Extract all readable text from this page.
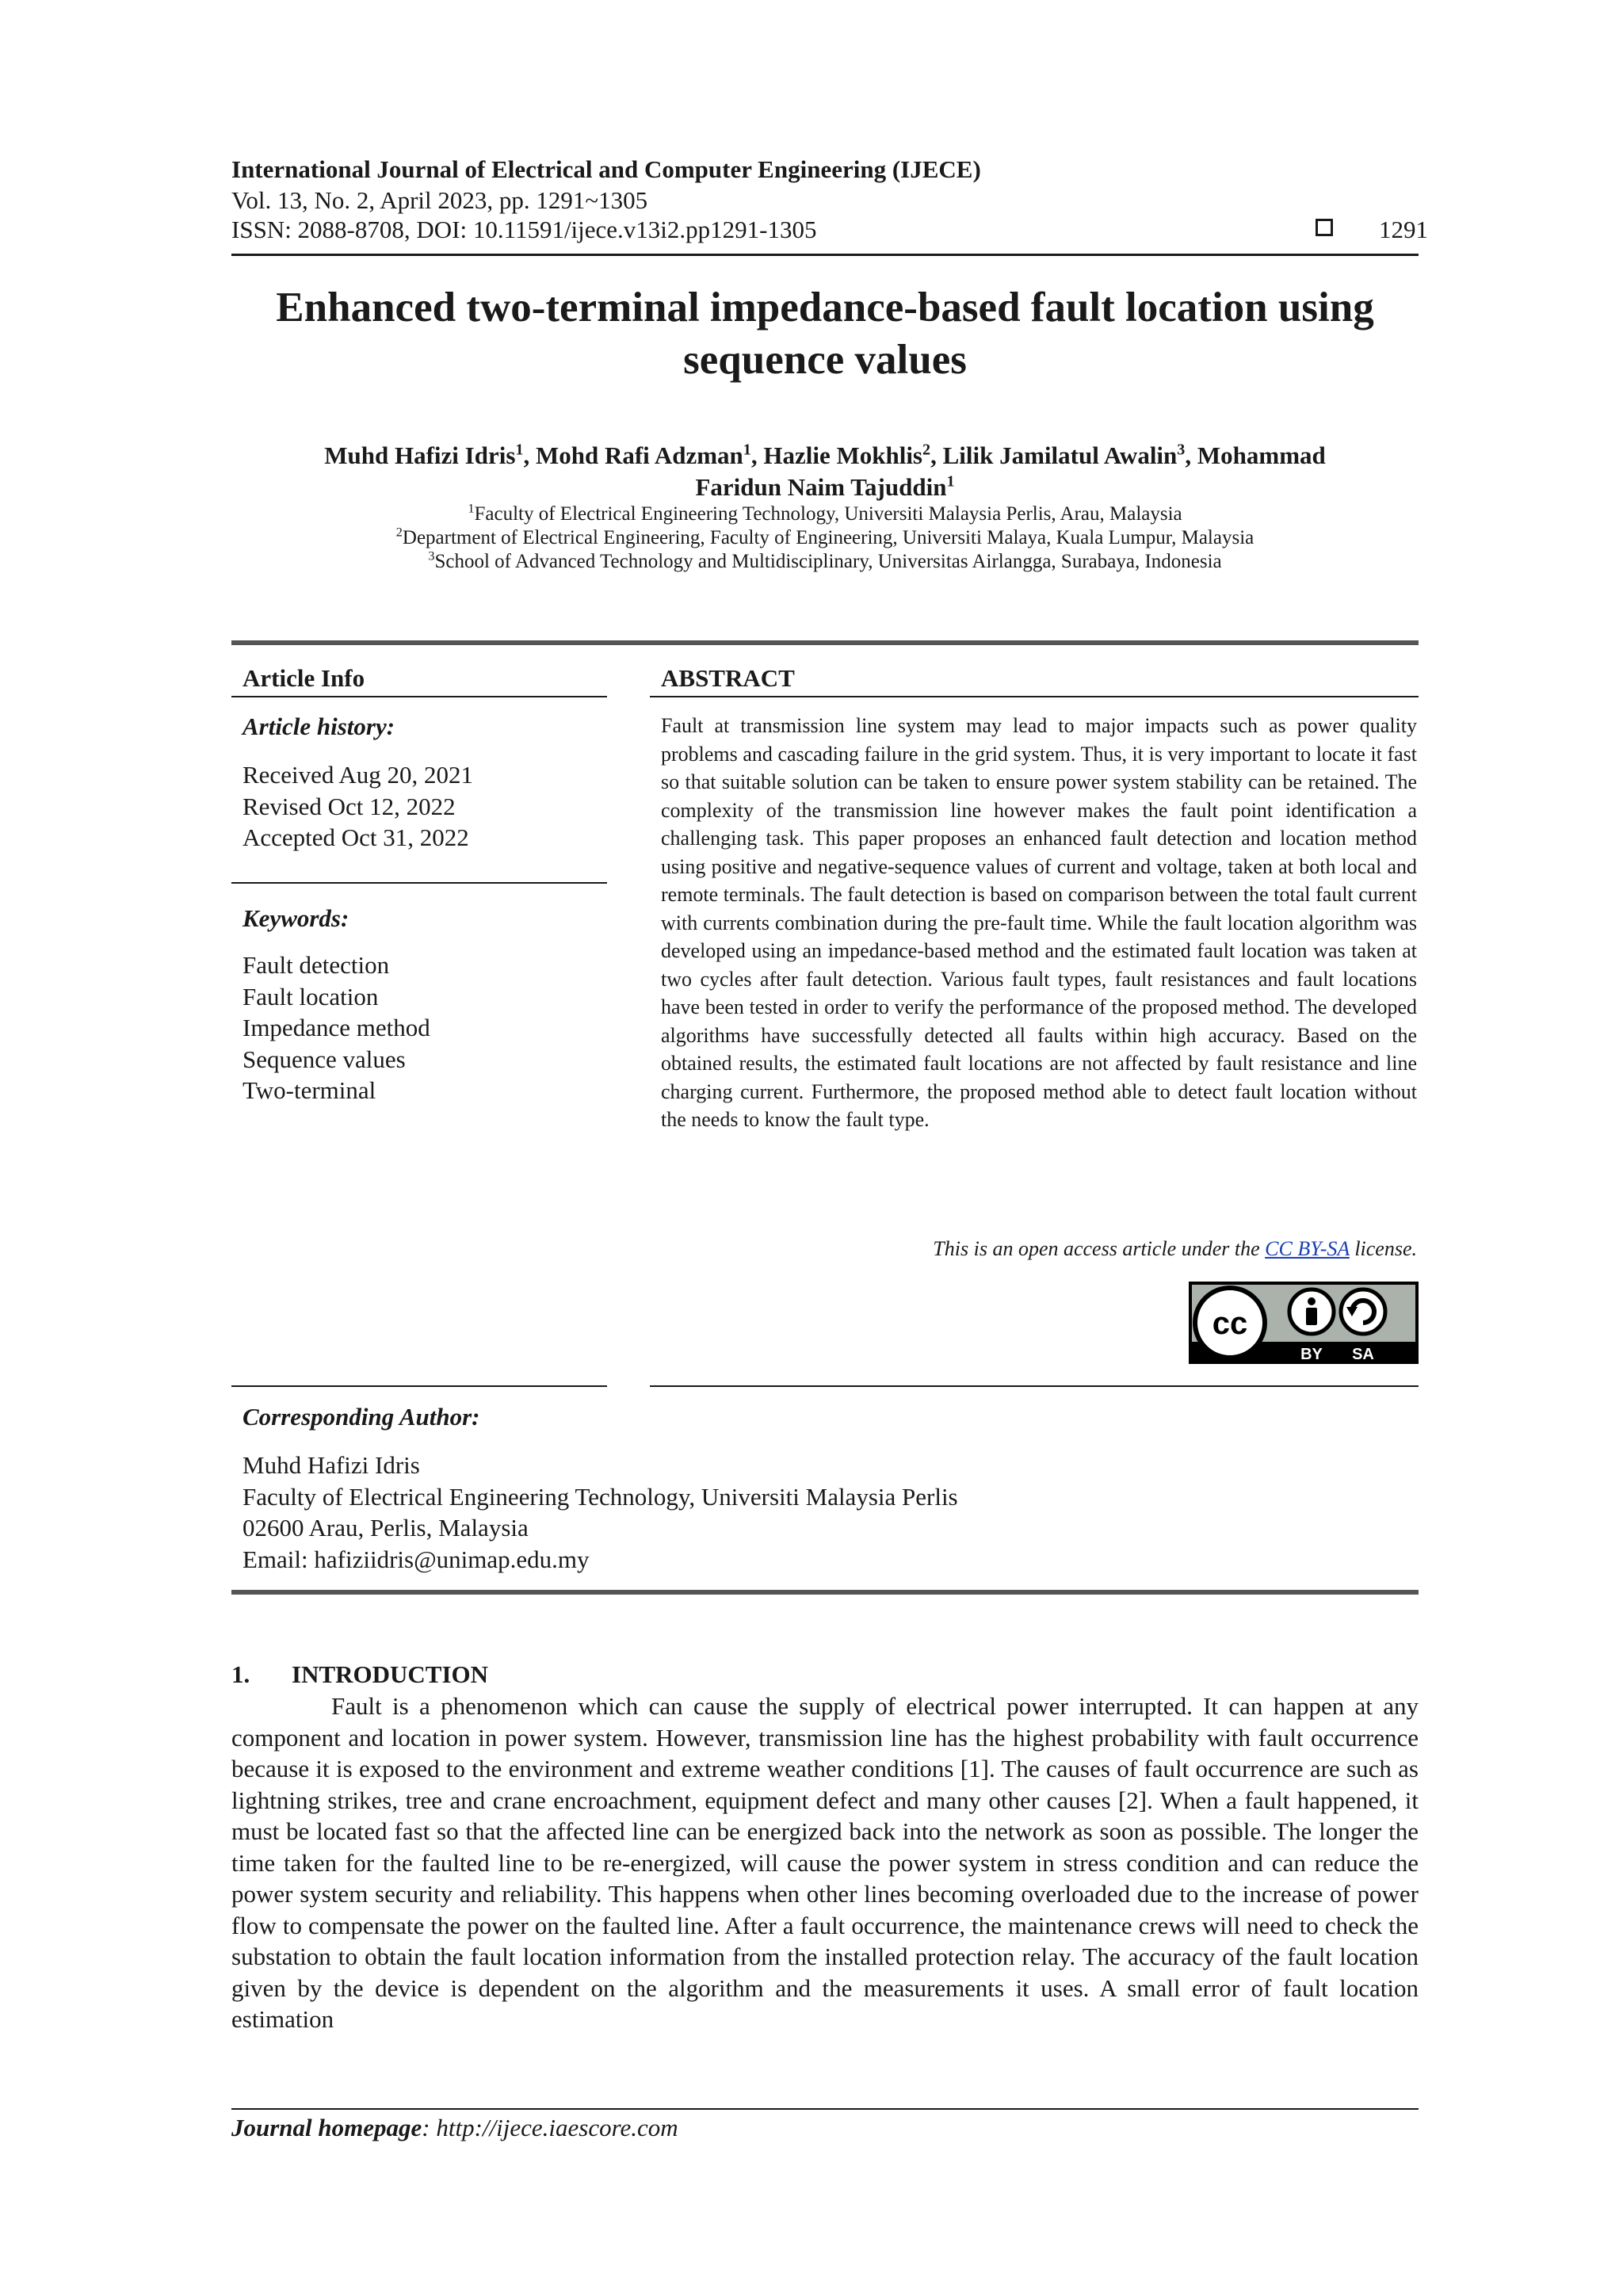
International Journal of Electrical and Computer Engineering (IJECE)
Vol. 13, No. 2, April 2023, pp. 1291~1305
ISSN: 2088-8708, DOI: 10.11591/ijece.v13i2.pp1291-1305	1291
Enhanced two-terminal impedance-based fault location using
sequence values
Muhd Hafizi Idris$^1$, Mohd Rafi Adzman$^1$, Hazlie Mokhlis$^2$, Lilik Jamilatul Awalin$^3$, Mohammad
Faridun Naim Tajuddin$^1$
$^1$Faculty of Electrical Engineering Technology, Universiti Malaysia Perlis, Arau, Malaysia
$^2$Department of Electrical Engineering, Faculty of Engineering, Universiti Malaya, Kuala Lumpur, Malaysia
$^3$School of Advanced Technology and Multidisciplinary, Universitas Airlangga, Surabaya, Indonesia
Article Info
Article history:
Received Aug 20, 2021
Revised Oct 12, 2022
Accepted Oct 31, 2022
Keywords:
Fault detection
Fault location
Impedance method
Sequence values
Two-terminal
ABSTRACT
Fault at transmission line system may lead to major impacts such as power quality problems and cascading failure in the grid system. Thus, it is very important to locate it fast so that suitable solution can be taken to ensure power system stability can be retained. The complexity of the transmission line however makes the fault point identification a challenging task. This paper proposes an enhanced fault detection and location method using positive and negative-sequence values of current and voltage, taken at both local and remote terminals. The fault detection is based on comparison between the total fault current with currents combination during the pre-fault time. While the fault location algorithm was developed using an impedance-based method and the estimated fault location was taken at two cycles after fault detection. Various fault types, fault resistances and fault locations have been tested in order to verify the performance of the proposed method. The developed algorithms have successfully detected all faults within high accuracy. Based on the obtained results, the estimated fault locations are not affected by fault resistance and line charging current. Furthermore, the proposed method able to detect fault location without the needs to know the fault type.
This is an open access article under the CC BY-SA license.
cc
BY SA
Corresponding Author:
Muhd Hafizi Idris
Faculty of Electrical Engineering Technology, Universiti Malaysia Perlis
02600 Arau, Perlis, Malaysia
Email: hafiziidris@unimap.edu.my
1. INTRODUCTION
Fault is a phenomenon which can cause the supply of electrical power interrupted. It can happen at any component and location in power system. However, transmission line has the highest probability with fault occurrence because it is exposed to the environment and extreme weather conditions [1]. The causes of fault occurrence are such as lightning strikes, tree and crane encroachment, equipment defect and many other causes [2]. When a fault happened, it must be located fast so that the affected line can be energized back into the network as soon as possible. The longer the time taken for the faulted line to be re-energized, will cause the power system in stress condition and can reduce the power system security and reliability. This happens when other lines becoming overloaded due to the increase of power flow to compensate the power on the faulted line. After a fault occurrence, the maintenance crews will need to check the substation to obtain the fault location information from the installed protection relay. The accuracy of the fault location given by the device is dependent on the algorithm and the measurements it uses. A small error of fault location estimation
Journal homepage: http://ijece.iaescore.com
